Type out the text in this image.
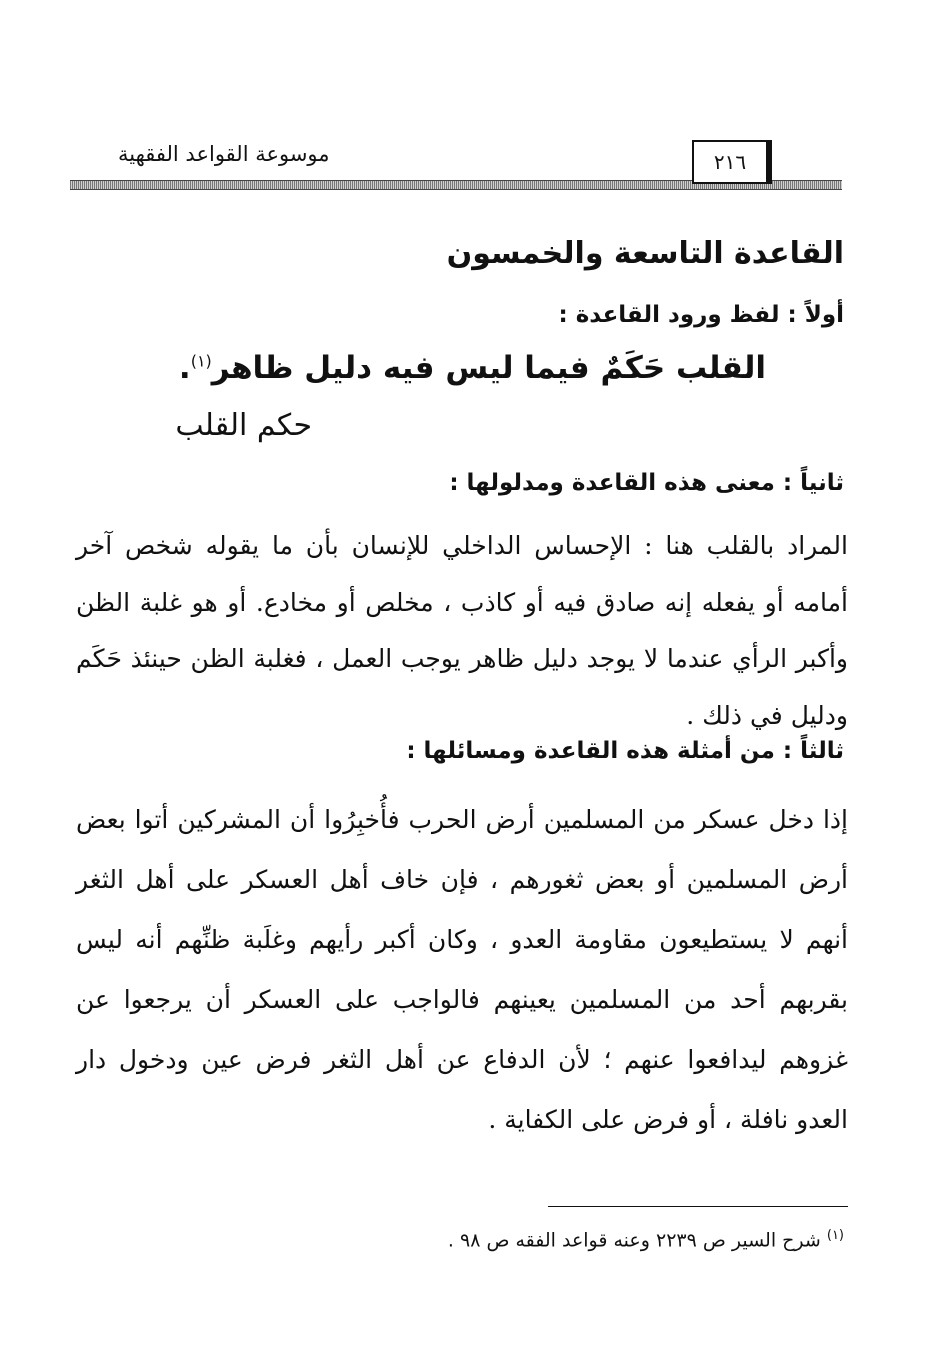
موسوعة القواعد الفقهية	٢١٦
القاعدة التاسعة والخمسون
أولاً : لفظ ورود القاعدة :
القلب حَكَمٌ فيما ليس فيه دليل ظاهر$^{(١)}$.
حكم القلب
ثانياً : معنى هذه القاعدة ومدلولها :
المراد بالقلب هنا : الإحساس الداخلي للإنسان بأن ما يقوله شخص آخر أمامه أو يفعله إنه صادق فيه أو كاذب ، مخلص أو مخادع. أو هو غلبة الظن وأكبر الرأي عندما لا يوجد دليل ظاهر يوجب العمل ، فغلبة الظن حينئذ حَكَم ودليل في ذلك .
ثالثاً : من أمثلة هذه القاعدة ومسائلها :
إذا دخل عسكر من المسلمين أرض الحرب فأُخبِرُوا أن المشركين أتوا بعض أرض المسلمين أو بعض ثغورهم ، فإن خاف أهل العسكر على أهل الثغر أنهم لا يستطيعون مقاومة العدو ، وكان أكبر رأيهم وغلَبة ظنِّهم أنه ليس بقربهم أحد من المسلمين يعينهم فالواجب على العسكر أن يرجعوا عن غزوهم ليدافعوا عنهم ؛ لأن الدفاع عن أهل الثغر فرض عين ودخول دار العدو نافلة ، أو فرض على الكفاية .
$^{(١)}$ شرح السير ص ٢٢٣٩ وعنه قواعد الفقه ص ٩٨ .
